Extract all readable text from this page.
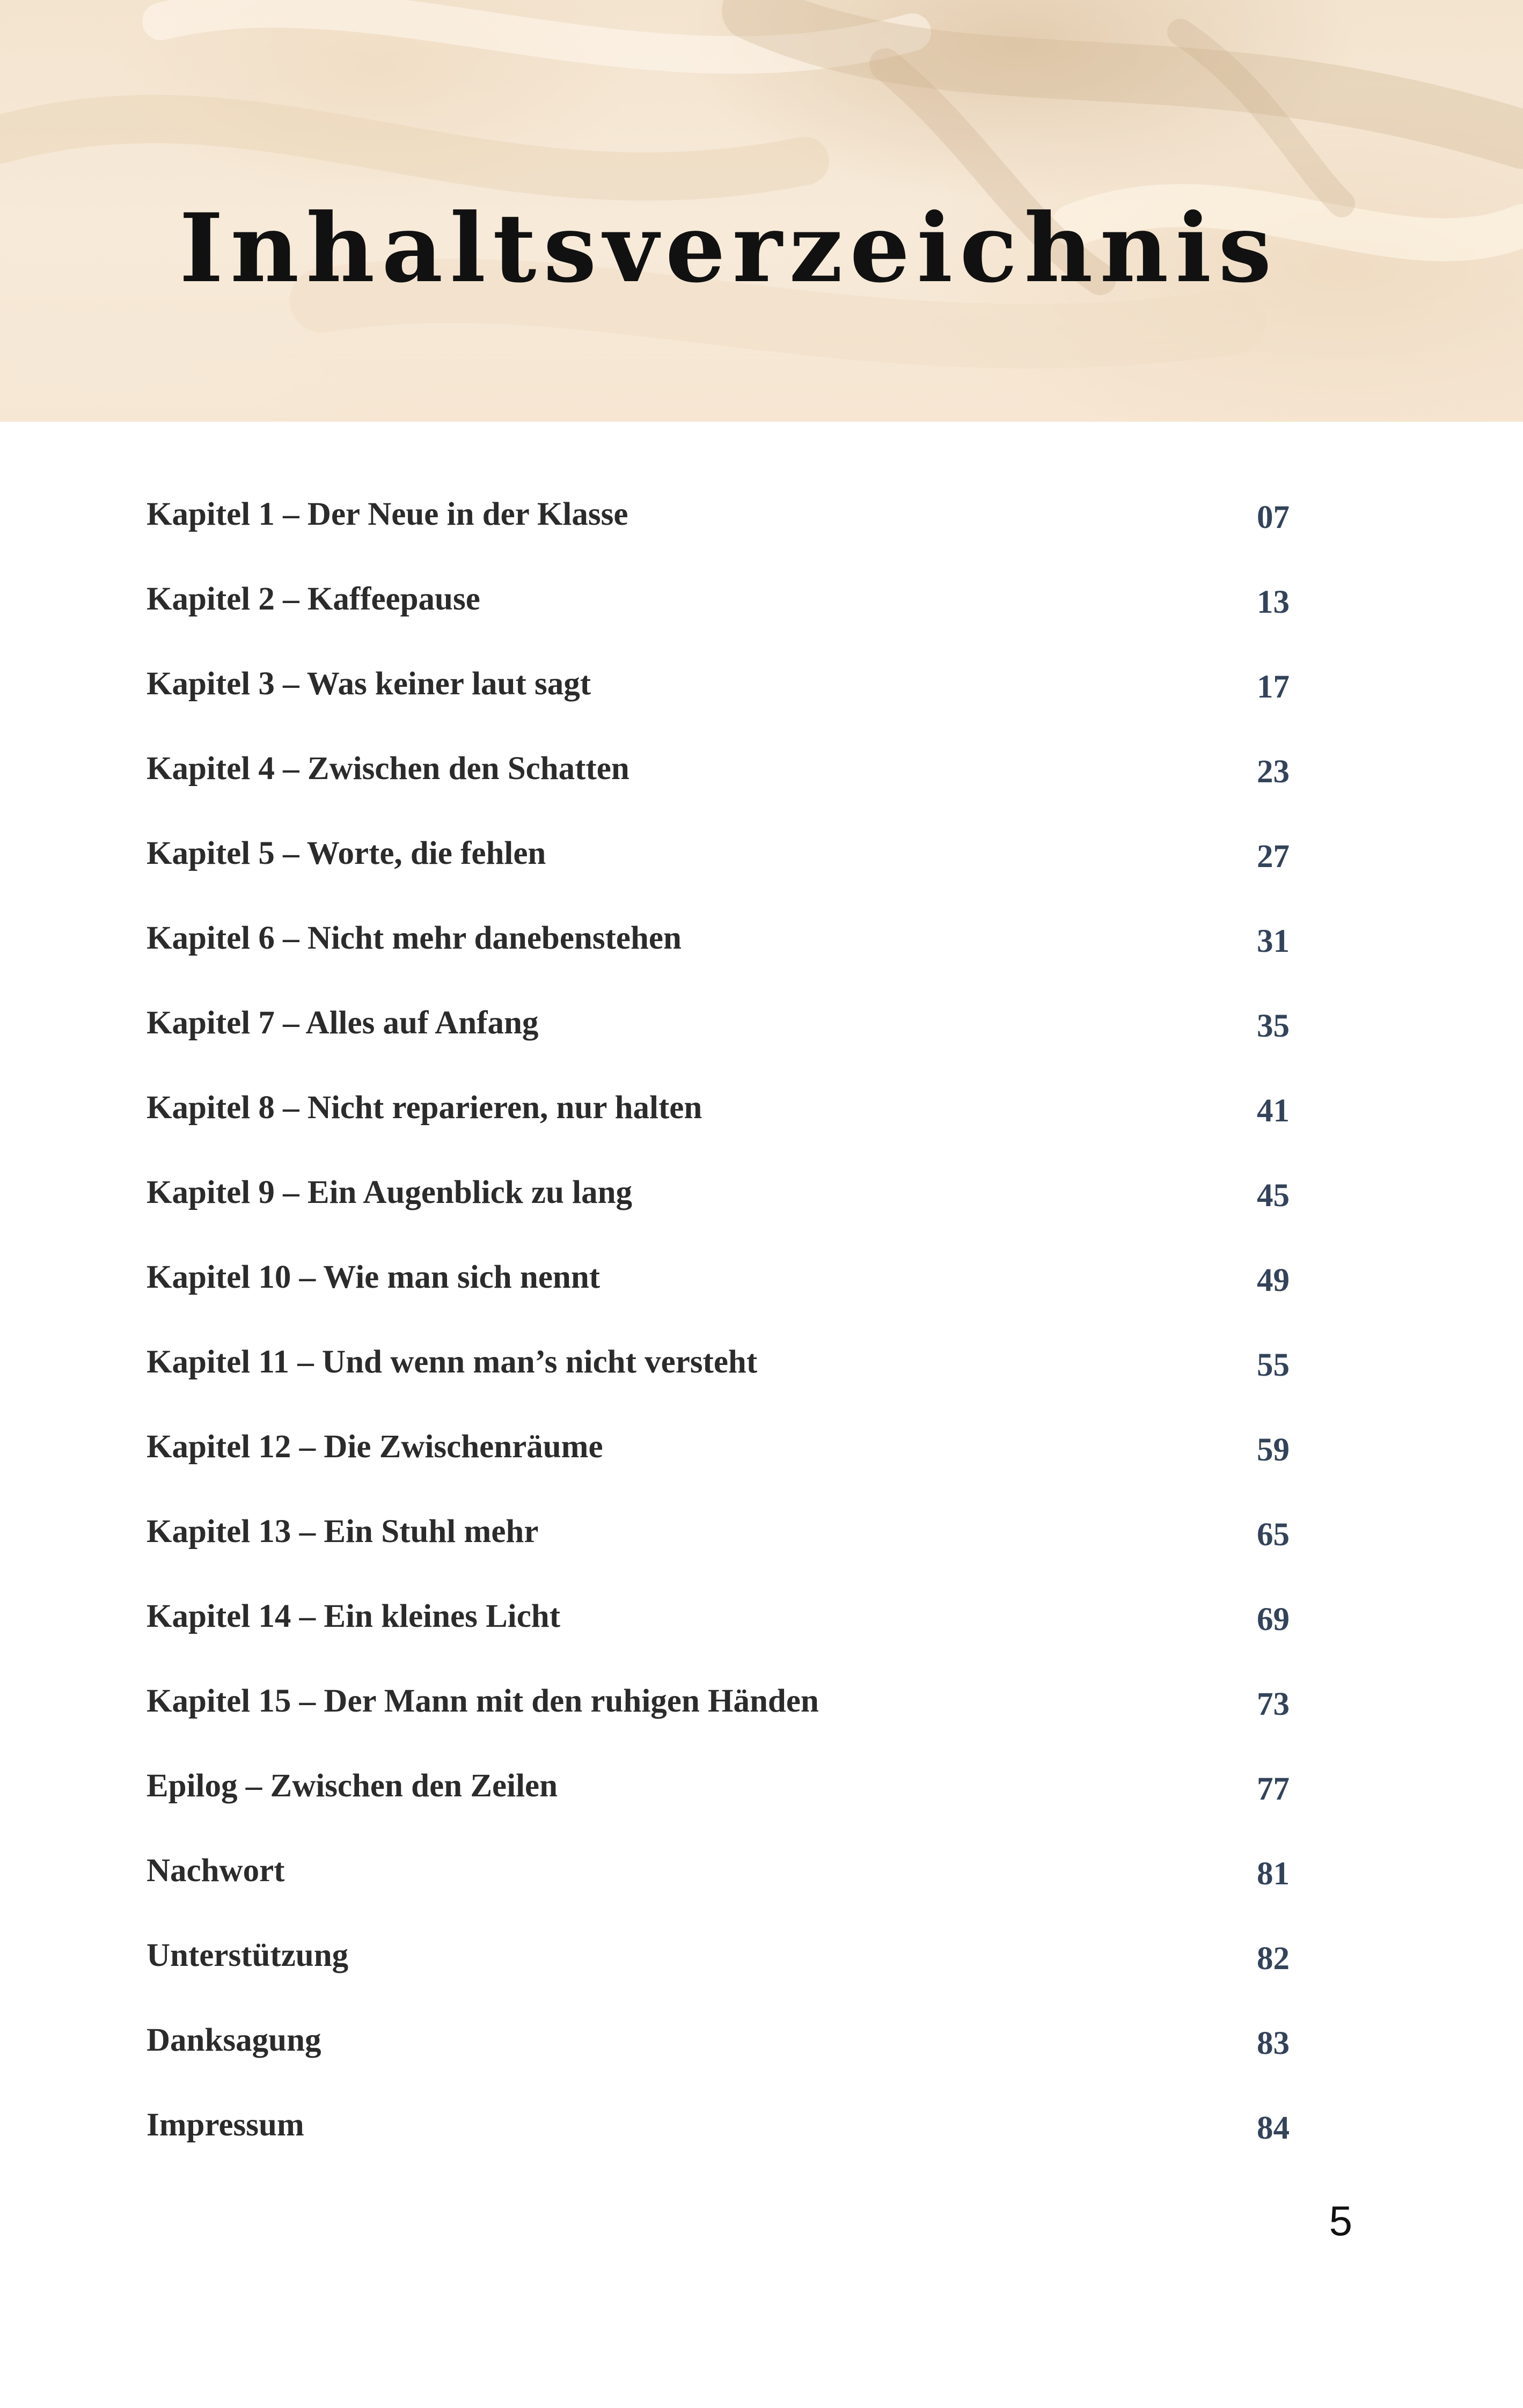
Inhaltsverzeichnis
Kapitel 1 – Der Neue in der Klasse	07
Kapitel 2 – Kaffeepause	13
Kapitel 3 – Was keiner laut sagt	17
Kapitel 4 – Zwischen den Schatten	23
Kapitel 5 – Worte, die fehlen	27
Kapitel 6 – Nicht mehr danebenstehen	31
Kapitel 7 – Alles auf Anfang	35
Kapitel 8 – Nicht reparieren, nur halten	41
Kapitel 9 – Ein Augenblick zu lang	45
Kapitel 10 – Wie man sich nennt	49
Kapitel 11 – Und wenn man’s nicht versteht	55
Kapitel 12 – Die Zwischenräume	59
Kapitel 13 – Ein Stuhl mehr	65
Kapitel 14 – Ein kleines Licht	69
Kapitel 15 – Der Mann mit den ruhigen Händen	73
Epilog – Zwischen den Zeilen	77
Nachwort	81
Unterstützung	82
Danksagung	83
Impressum	84
5
